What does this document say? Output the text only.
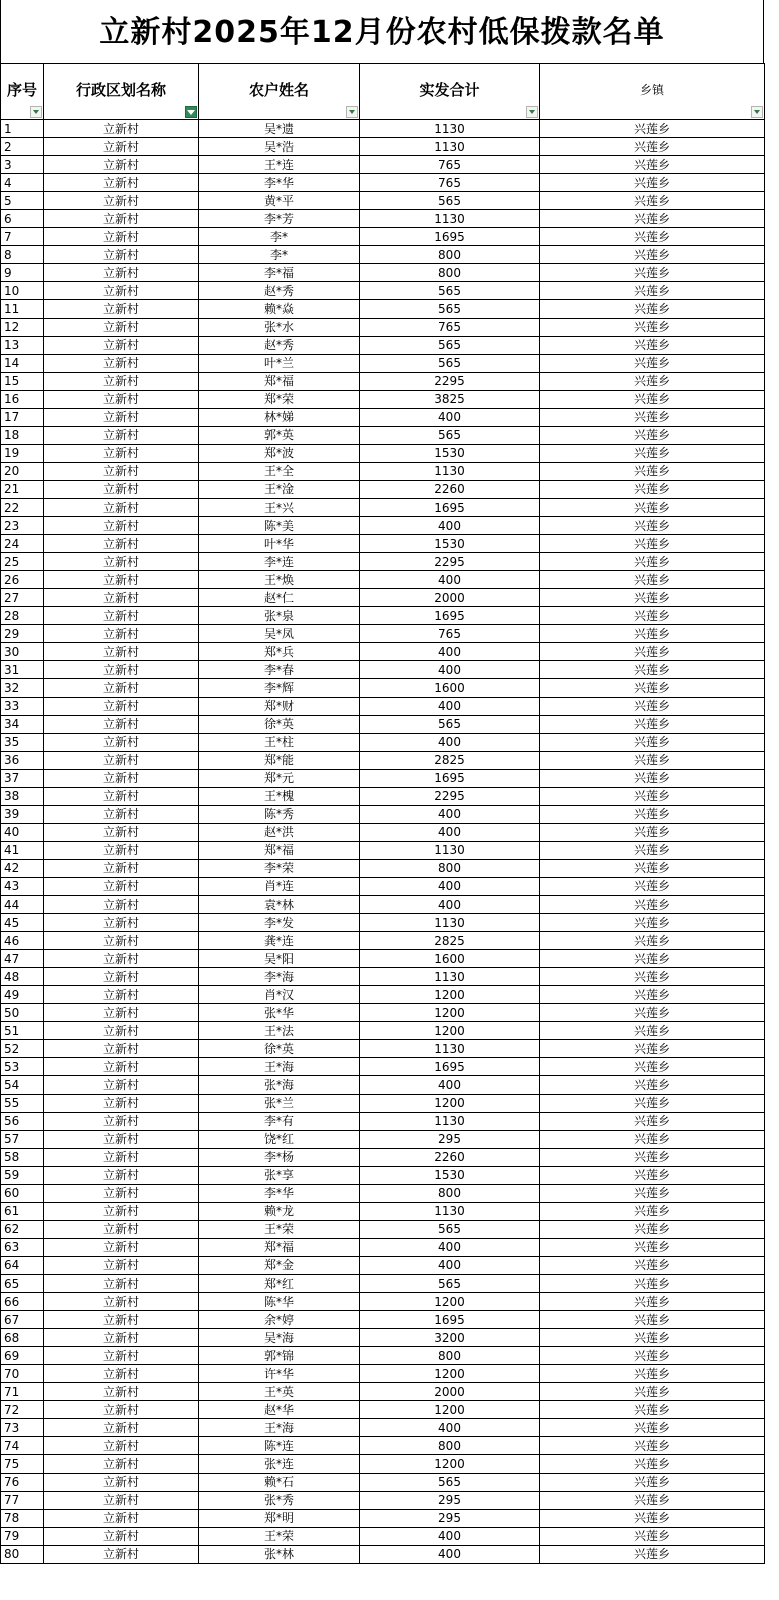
立新村2025年12月份农村低保拨款名单
序号	行政区划名称	农户姓名	实发合计	乡镇

1	立新村	吴*遗	1130	兴莲乡
2	立新村	吴*浩	1130	兴莲乡
3	立新村	王*连	765	兴莲乡
4	立新村	李*华	765	兴莲乡
5	立新村	黄*平	565	兴莲乡
6	立新村	李*芳	1130	兴莲乡
7	立新村	李*	1695	兴莲乡
8	立新村	李*	800	兴莲乡
9	立新村	李*福	800	兴莲乡
10	立新村	赵*秀	565	兴莲乡
11	立新村	赖*焱	565	兴莲乡
12	立新村	张*水	765	兴莲乡
13	立新村	赵*秀	565	兴莲乡
14	立新村	叶*兰	565	兴莲乡
15	立新村	郑*福	2295	兴莲乡
16	立新村	郑*荣	3825	兴莲乡
17	立新村	林*娣	400	兴莲乡
18	立新村	郭*英	565	兴莲乡
19	立新村	郑*波	1530	兴莲乡
20	立新村	王*全	1130	兴莲乡
21	立新村	王*淦	2260	兴莲乡
22	立新村	王*兴	1695	兴莲乡
23	立新村	陈*美	400	兴莲乡
24	立新村	叶*华	1530	兴莲乡
25	立新村	李*连	2295	兴莲乡
26	立新村	王*焕	400	兴莲乡
27	立新村	赵*仁	2000	兴莲乡
28	立新村	张*泉	1695	兴莲乡
29	立新村	吴*凤	765	兴莲乡
30	立新村	郑*兵	400	兴莲乡
31	立新村	李*春	400	兴莲乡
32	立新村	李*辉	1600	兴莲乡
33	立新村	郑*财	400	兴莲乡
34	立新村	徐*英	565	兴莲乡
35	立新村	王*柱	400	兴莲乡
36	立新村	郑*能	2825	兴莲乡
37	立新村	郑*元	1695	兴莲乡
38	立新村	王*槐	2295	兴莲乡
39	立新村	陈*秀	400	兴莲乡
40	立新村	赵*洪	400	兴莲乡
41	立新村	郑*福	1130	兴莲乡
42	立新村	李*荣	800	兴莲乡
43	立新村	肖*连	400	兴莲乡
44	立新村	袁*林	400	兴莲乡
45	立新村	李*发	1130	兴莲乡
46	立新村	龚*连	2825	兴莲乡
47	立新村	吴*阳	1600	兴莲乡
48	立新村	李*海	1130	兴莲乡
49	立新村	肖*汉	1200	兴莲乡
50	立新村	张*华	1200	兴莲乡
51	立新村	王*法	1200	兴莲乡
52	立新村	徐*英	1130	兴莲乡
53	立新村	王*海	1695	兴莲乡
54	立新村	张*海	400	兴莲乡
55	立新村	张*兰	1200	兴莲乡
56	立新村	李*有	1130	兴莲乡
57	立新村	饶*红	295	兴莲乡
58	立新村	李*杨	2260	兴莲乡
59	立新村	张*享	1530	兴莲乡
60	立新村	李*华	800	兴莲乡
61	立新村	赖*龙	1130	兴莲乡
62	立新村	王*荣	565	兴莲乡
63	立新村	郑*福	400	兴莲乡
64	立新村	郑*金	400	兴莲乡
65	立新村	郑*红	565	兴莲乡
66	立新村	陈*华	1200	兴莲乡
67	立新村	余*婷	1695	兴莲乡
68	立新村	吴*海	3200	兴莲乡
69	立新村	郭*锦	800	兴莲乡
70	立新村	许*华	1200	兴莲乡
71	立新村	王*英	2000	兴莲乡
72	立新村	赵*华	1200	兴莲乡
73	立新村	王*海	400	兴莲乡
74	立新村	陈*连	800	兴莲乡
75	立新村	张*连	1200	兴莲乡
76	立新村	赖*石	565	兴莲乡
77	立新村	张*秀	295	兴莲乡
78	立新村	郑*明	295	兴莲乡
79	立新村	王*荣	400	兴莲乡
80	立新村	张*林	400	兴莲乡
